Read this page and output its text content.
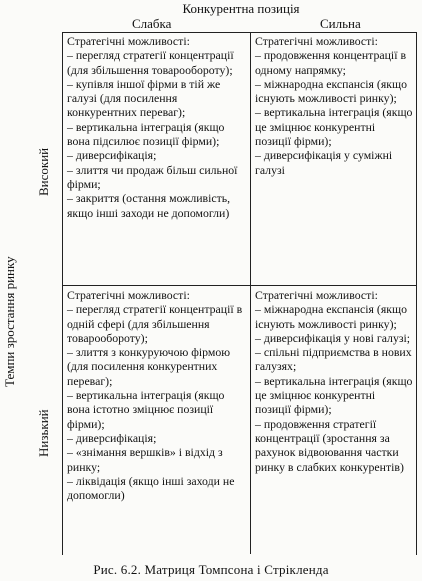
Конкурентна позиція
Слабка	Сильна
Темпи зростання ринку
Високий
Низький
Стратегічні можливості:
– перегляд стратегії концентрації (для збільшення товарообороту);
– купівля іншої фірми в тій же галузі (для посилення конкурентних переваг);
– вертикальна інтеграція (якщо вона підсилює позиції фірми);
– диверсифікація;
– злиття чи продаж більш сильної фірми;
– закриття (остання можливість, якщо інші заходи не допомогли)
Стратегічні можливості:
– продовження концентрації в одному напрямку;
– міжнародна експансія (якщо існують можливості ринку);
– вертикальна інтеграція (якщо це зміцнює конкурентні позиції фірми);
– диверсифікація у суміжні галузі
Стратегічні можливості:
– перегляд стратегії концентрації в одній сфері (для збільшення товарообороту);
– злиття з конкуруючою фірмою (для посилення конкурентних переваг);
– вертикальна інтеграція (якщо вона істотно зміцнює позиції фірми);
– диверсифікація;
– «знімання вершків» і відхід з ринку;
– ліквідація (якщо інші заходи не допомогли)
Стратегічні можливості:
– міжнародна експансія (якщо існують можливості ринку);
– диверсифікація у нові галузі;
– спільні підприємства в нових галузях;
– вертикальна інтеграція (якщо це зміцнює конкурентні позиції фірми);
– продовження стратегії концентрації (зростання за рахунок відвоювання частки ринку в слабких конкурентів)
Рис. 6.2. Матриця Томпсона і Стрікленда
